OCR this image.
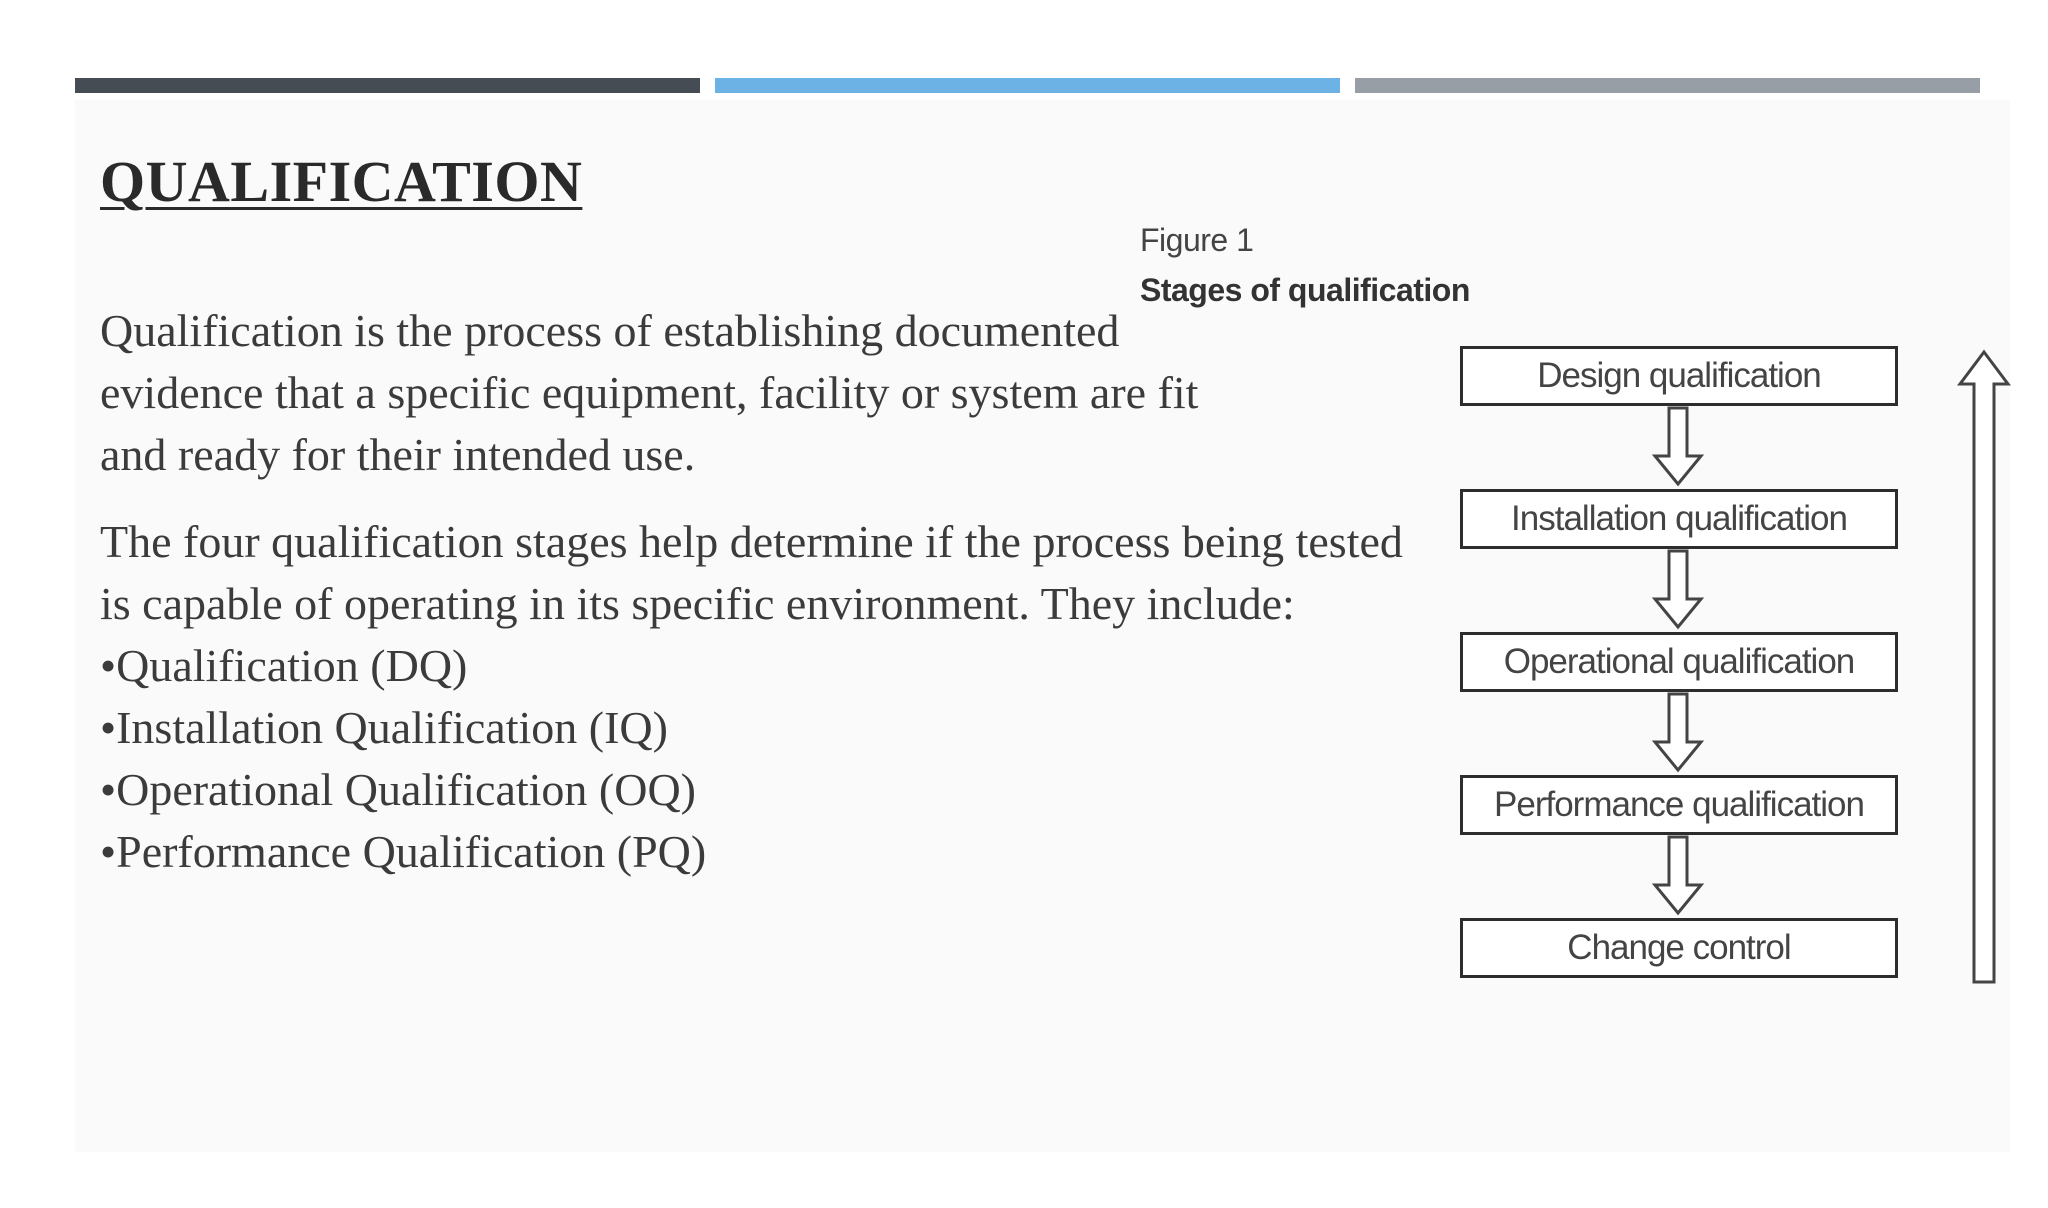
QUALIFICATION

Qualification is the process of establishing documented evidence that a specific equipment, facility or system are fit and ready for their intended use.

The four qualification stages help determine if the process being tested is capable of operating in its specific environment. They include:

•Qualification (DQ)
•Installation Qualification (IQ)
•Operational Qualification (OQ)
•Performance Qualification (PQ)
Figure 1
Stages of qualification
Design qualification
Installation qualification
Operational qualification
Performance qualification
Change control
